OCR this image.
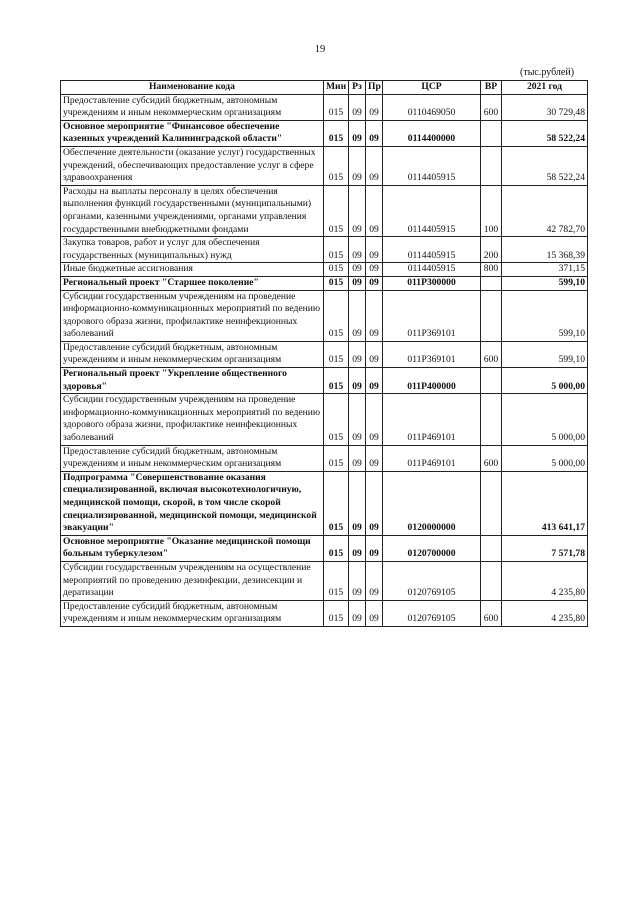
19
(тыс.рублей)
Наименование кода	Мин	Рз	Пр	ЦСР	ВР	2021 год
Предоставление субсидий бюджетным, автономным учреждениям и иным некоммерческим организациям	015	09	09	0110469050	600	30 729,48
Основное мероприятие "Финансовое обеспечение казенных учреждений Калининградской области"	015	09	09	0114400000		58 522,24
Обеспечение деятельности (оказание услуг) государственных учреждений, обеспечивающих предоставление услуг в сфере здравоохранения	015	09	09	0114405915		58 522,24
Расходы на выплаты персоналу в целях обеспечения выполнения функций государственными (муниципальными) органами, казенными учреждениями, органами управления государственными внебюджетными фондами	015	09	09	0114405915	100	42 782,70
Закупка товаров, работ и услуг для обеспечения государственных (муниципальных) нужд	015	09	09	0114405915	200	15 368,39
Иные бюджетные ассигнования	015	09	09	0114405915	800	371,15
Региональный проект "Старшее поколение"	015	09	09	011P300000		599,10
Субсидии государственным учреждениям на проведение информационно-коммуникационных мероприятий по ведению здорового образа жизни, профилактике неинфекционных заболеваний	015	09	09	011P369101		599,10
Предоставление субсидий бюджетным, автономным учреждениям и иным некоммерческим организациям	015	09	09	011P369101	600	599,10
Региональный проект "Укрепление общественного здоровья"	015	09	09	011P400000		5 000,00
Субсидии государственным учреждениям на проведение информационно-коммуникационных мероприятий по ведению здорового образа жизни, профилактике неинфекционных заболеваний	015	09	09	011P469101		5 000,00
Предоставление субсидий бюджетным, автономным учреждениям и иным некоммерческим организациям	015	09	09	011P469101	600	5 000,00
Подпрограмма "Совершенствование оказания специализированной, включая высокотехнологичную, медицинской помощи, скорой, в том числе скорой специализированной, медицинской помощи, медицинской эвакуации"	015	09	09	0120000000		413 641,17
Основное мероприятие "Оказание медицинской помощи больным туберкулезом"	015	09	09	0120700000		7 571,78
Субсидии государственным учреждениям на осуществление мероприятий по проведению дезинфекции, дезинсекции и дератизации	015	09	09	0120769105		4 235,80
Предоставление субсидий бюджетным, автономным учреждениям и иным некоммерческим организациям	015	09	09	0120769105	600	4 235,80
